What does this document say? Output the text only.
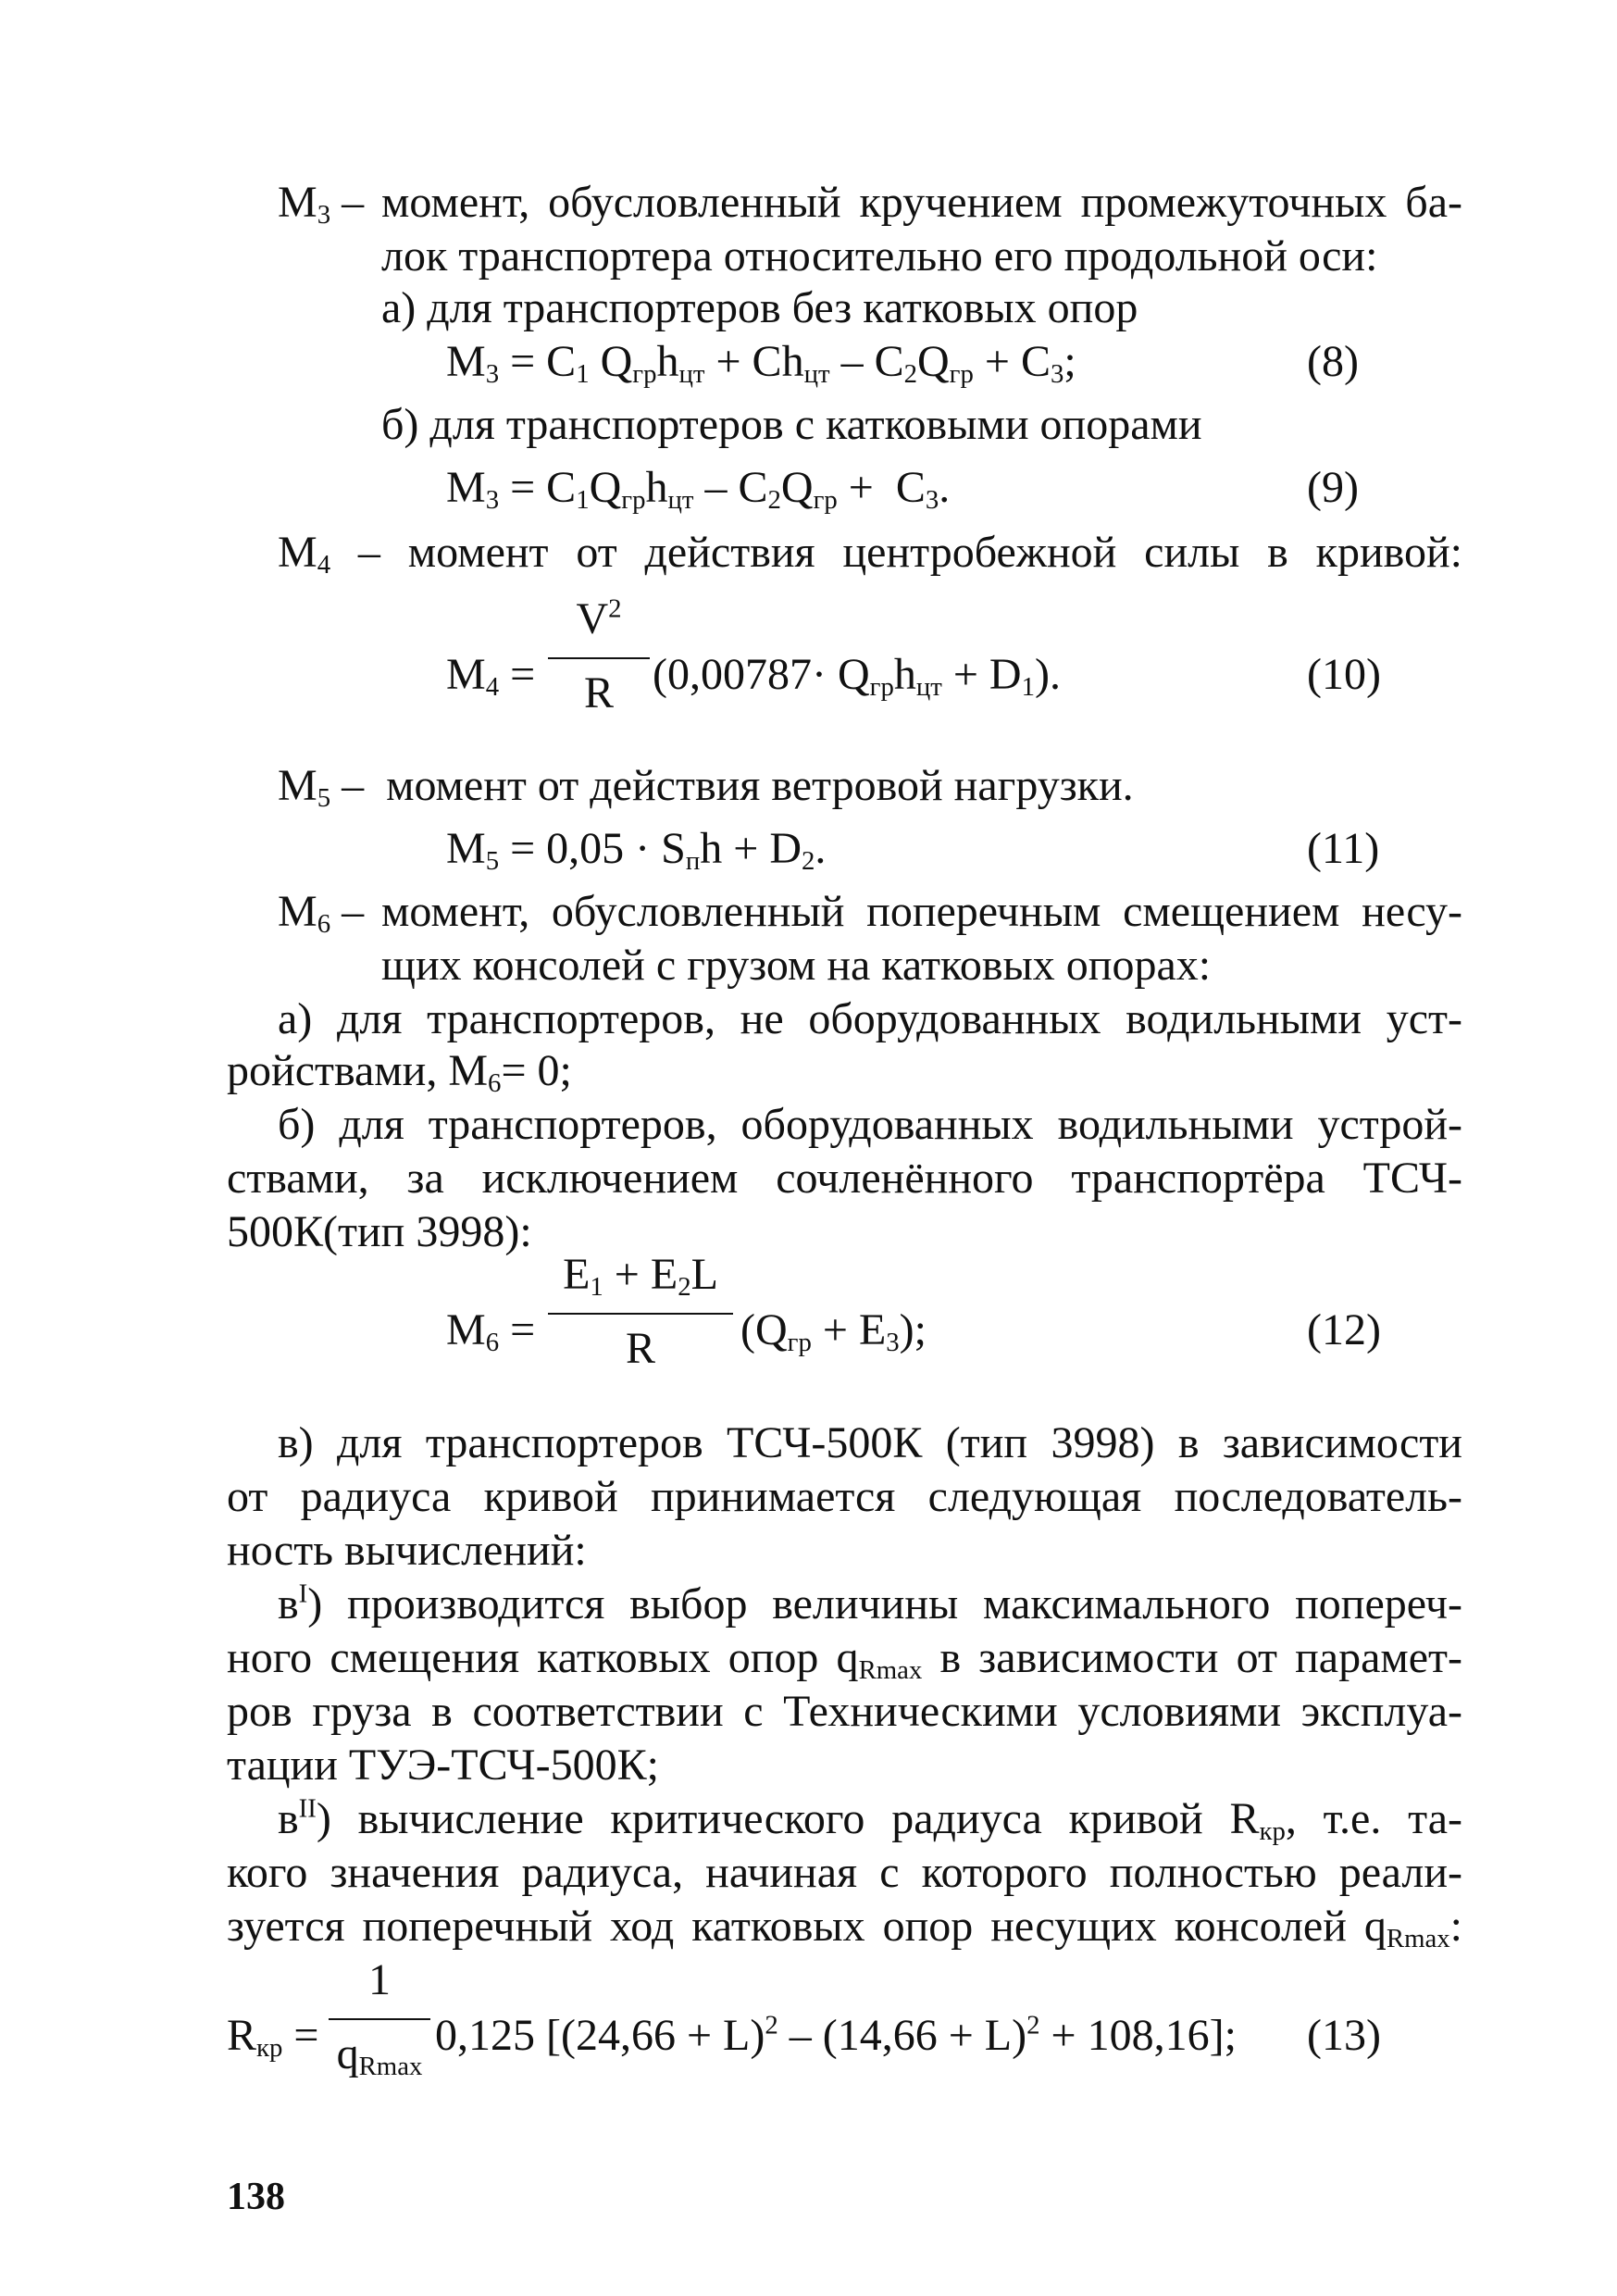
$М_3$ – момент, обусловленный кручением промежуточных ба-
лок транспортера относительно его продольной оси:
а) для транспортеров без катковых опор
$М_3 = С_1$ $Q_{гр}h_{цт} + Ch_{цт} - C_2Q_{гр} + C_3$;	(8)
б) для транспортеров с катковыми опорами
$М_3 = С_1Q_{гр}h_{цт} - C_2Q_{гр} + C_3$.	(9)
$М_4$ – момент от действия центробежной силы в кривой:
$М_4$ =
$V^2$
R $(0,00787\cdot Q_{гр}h_{цт} + D_1)$.	(10)
$М_5$ –  момент от действия ветровой нагрузки.
$М_5 = 0,05 \cdot S_пh + D_2$.	(11)
$М_6$ – момент, обусловленный поперечным смещением несу-
щих консолей с грузом на катковых опорах:
а) для транспортеров, не оборудованных водильными уст-
ройствами, $М_6= 0$;
б) для транспортеров, оборудованных водильными устрой-
ствами, за исключением сочленённого транспортёра ТСЧ-
500К(тип 3998):
$М_6$ =
$E_1 + E_2L$
R	$(Q_{гр} + E_3)$;	(12)
в) для транспортеров ТСЧ-500К (тип 3998) в зависимости
от радиуса кривой принимается следующая последователь-
ность вычислений:
$в^I$) производится выбор величины максимального попереч-
ного смещения катковых опор $q_{Rmax}$ в зависимости от парамет-
ров груза в соответствии с Техническими условиями эксплуа-
тации ТУЭ-ТСЧ-500К;
$в^{II}$) вычисление критического радиуса кривой $R_{кр}$, т.е. та-
кого значения радиуса, начиная с которого полностью реали-
зуется поперечный ход катковых опор несущих консолей $q_{Rmax}$:
$R_{кр}$ =
1
$q_{Rmax}$
0,125 $[(24,66 + L)^2 - (14,66 + L)^2 + 108,16]$; (13)
138
